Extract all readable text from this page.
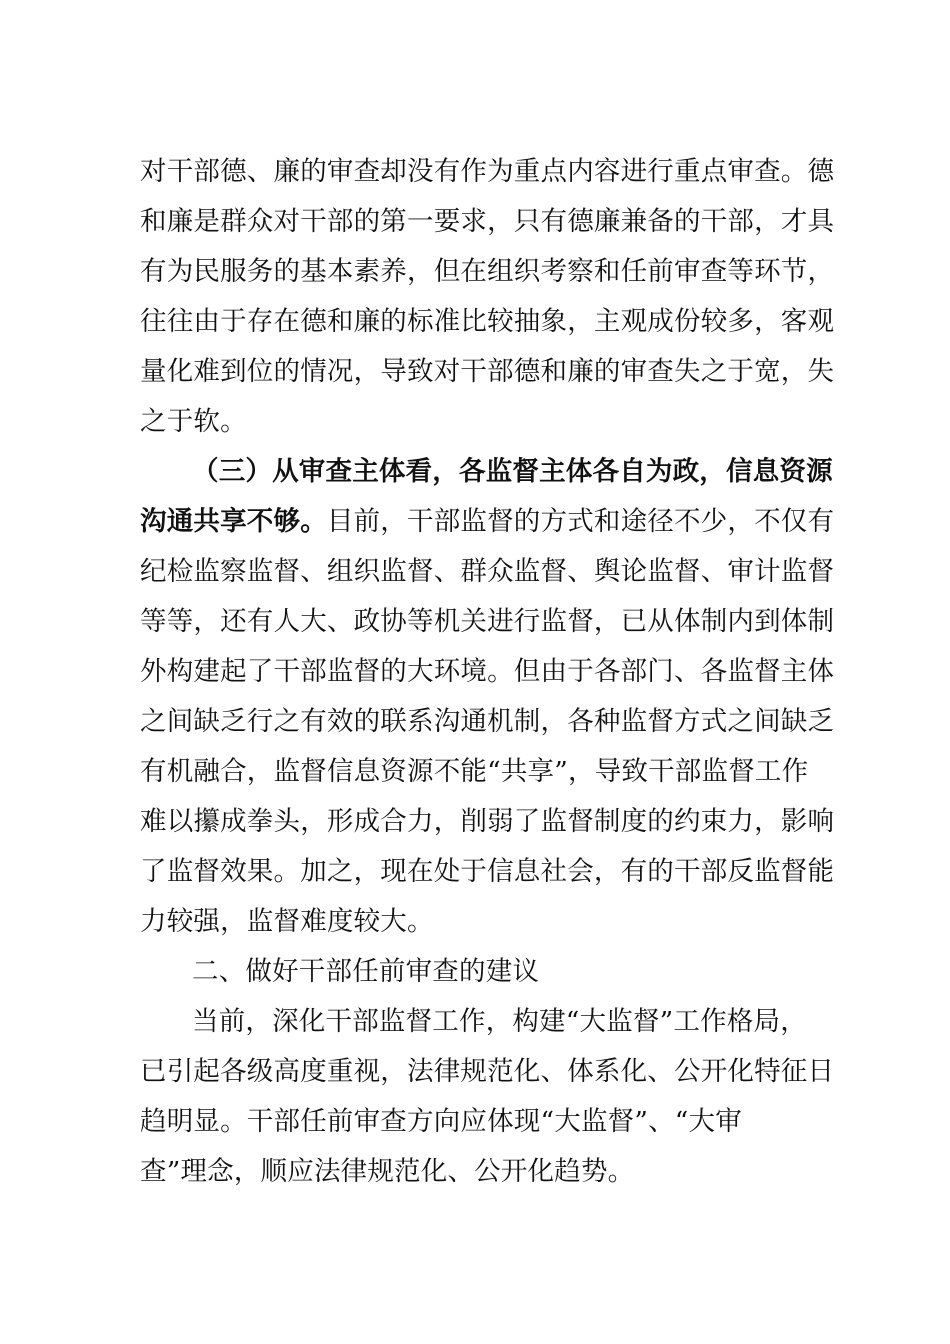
对干部德、廉的审查却没有作为重点内容进行重点审查。德
和廉是群众对干部的第一要求，只有德廉兼备的干部，才具
有为民服务的基本素养，但在组织考察和任前审查等环节，
往往由于存在德和廉的标准比较抽象，主观成份较多，客观
量化难到位的情况，导致对干部德和廉的审查失之于宽，失
之于软。
（三）从审查主体看，各监督主体各自为政，信息资源
沟通共享不够。目前，干部监督的方式和途径不少，不仅有
纪检监察监督、组织监督、群众监督、舆论监督、审计监督
等等，还有人大、政协等机关进行监督，已从体制内到体制
外构建起了干部监督的大环境。但由于各部门、各监督主体
之间缺乏行之有效的联系沟通机制，各种监督方式之间缺乏
有机融合，监督信息资源不能“共享”，导致干部监督工作
难以攥成拳头，形成合力，削弱了监督制度的约束力，影响
了监督效果。加之，现在处于信息社会，有的干部反监督能
力较强，监督难度较大。
二、做好干部任前审查的建议
当前，深化干部监督工作，构建“大监督”工作格局，
已引起各级高度重视，法律规范化、体系化、公开化特征日
趋明显。干部任前审查方向应体现“大监督”、“大审
查”理念，顺应法律规范化、公开化趋势。
